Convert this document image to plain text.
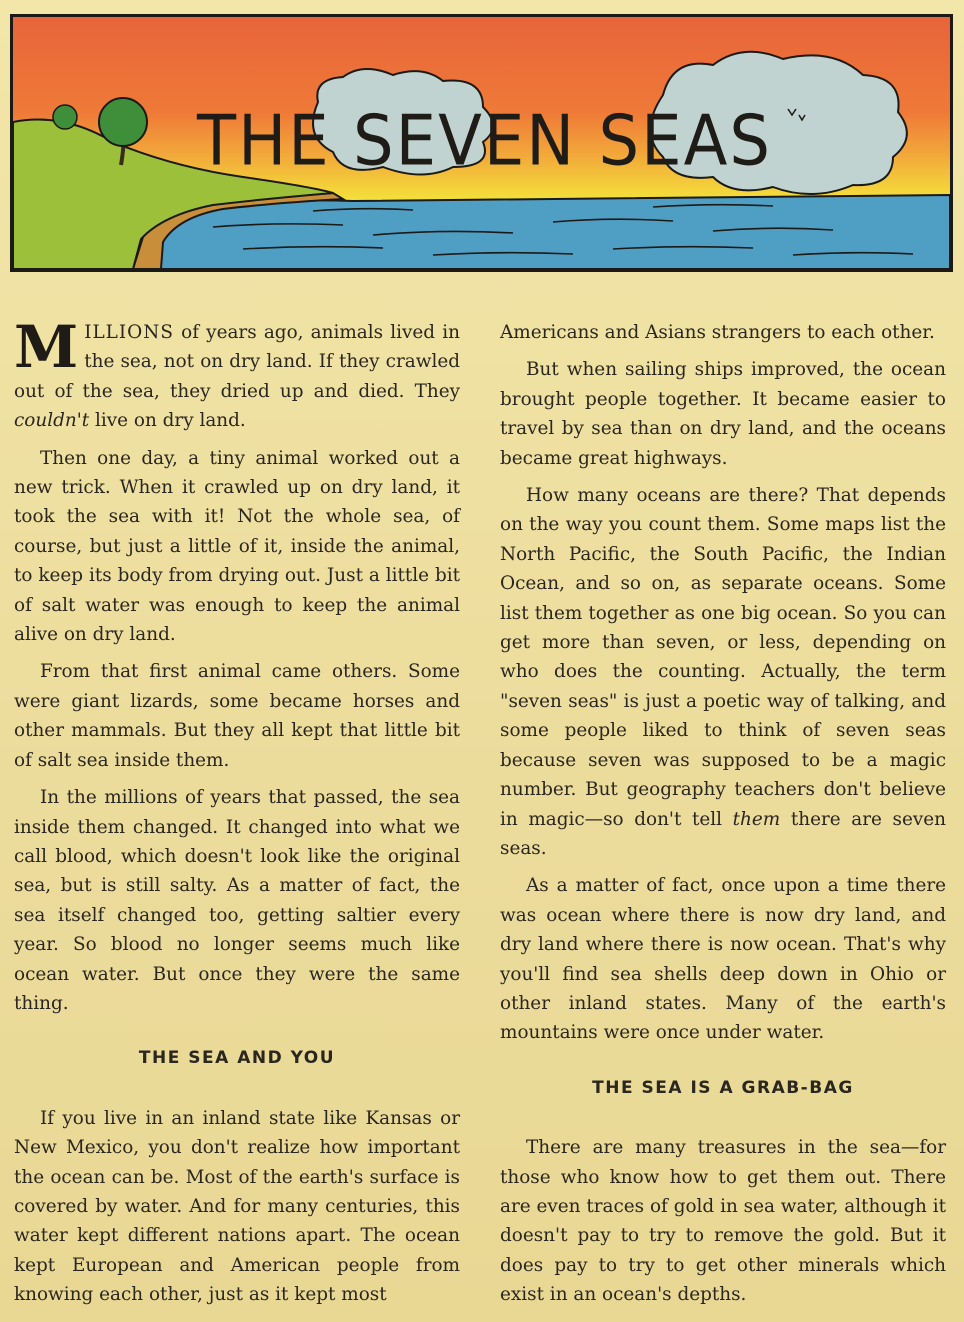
THE SEVEN SEAS

MILLIONS of years ago, animals lived in the sea, not on dry land. If they crawled out of the sea, they dried up and died. They couldn't live on dry land.

Then one day, a tiny animal worked out a new trick. When it crawled up on dry land, it took the sea with it! Not the whole sea, of course, but just a little of it, inside the animal, to keep its body from drying out. Just a little bit of salt water was enough to keep the animal alive on dry land.

From that first animal came others. Some were giant lizards, some became horses and other mammals. But they all kept that little bit of salt sea inside them.

In the millions of years that passed, the sea inside them changed. It changed into what we call blood, which doesn't look like the original sea, but is still salty. As a matter of fact, the sea itself changed too, getting saltier every year. So blood no longer seems much like ocean water. But once they were the same thing.

THE SEA AND YOU

If you live in an inland state like Kansas or New Mexico, you don't realize how important the ocean can be. Most of the earth's surface is covered by water. And for many centuries, this water kept different nations apart. The ocean kept European and American people from knowing each other, just as it kept most

Americans and Asians strangers to each other.

But when sailing ships improved, the ocean brought people together. It became easier to travel by sea than on dry land, and the oceans became great highways.

How many oceans are there? That depends on the way you count them. Some maps list the North Pacific, the South Pacific, the Indian Ocean, and so on, as separate oceans. Some list them together as one big ocean. So you can get more than seven, or less, depending on who does the counting. Actually, the term "seven seas" is just a poetic way of talking, and some people liked to think of seven seas because seven was supposed to be a magic number. But geography teachers don't believe in magic—so don't tell them there are seven seas.

As a matter of fact, once upon a time there was ocean where there is now dry land, and dry land where there is now ocean. That's why you'll find sea shells deep down in Ohio or other inland states. Many of the earth's mountains were once under water.

THE SEA IS A GRAB-BAG

There are many treasures in the sea—for those who know how to get them out. There are even traces of gold in sea water, although it doesn't pay to try to remove the gold. But it does pay to try to get other minerals which exist in an ocean's depths.
